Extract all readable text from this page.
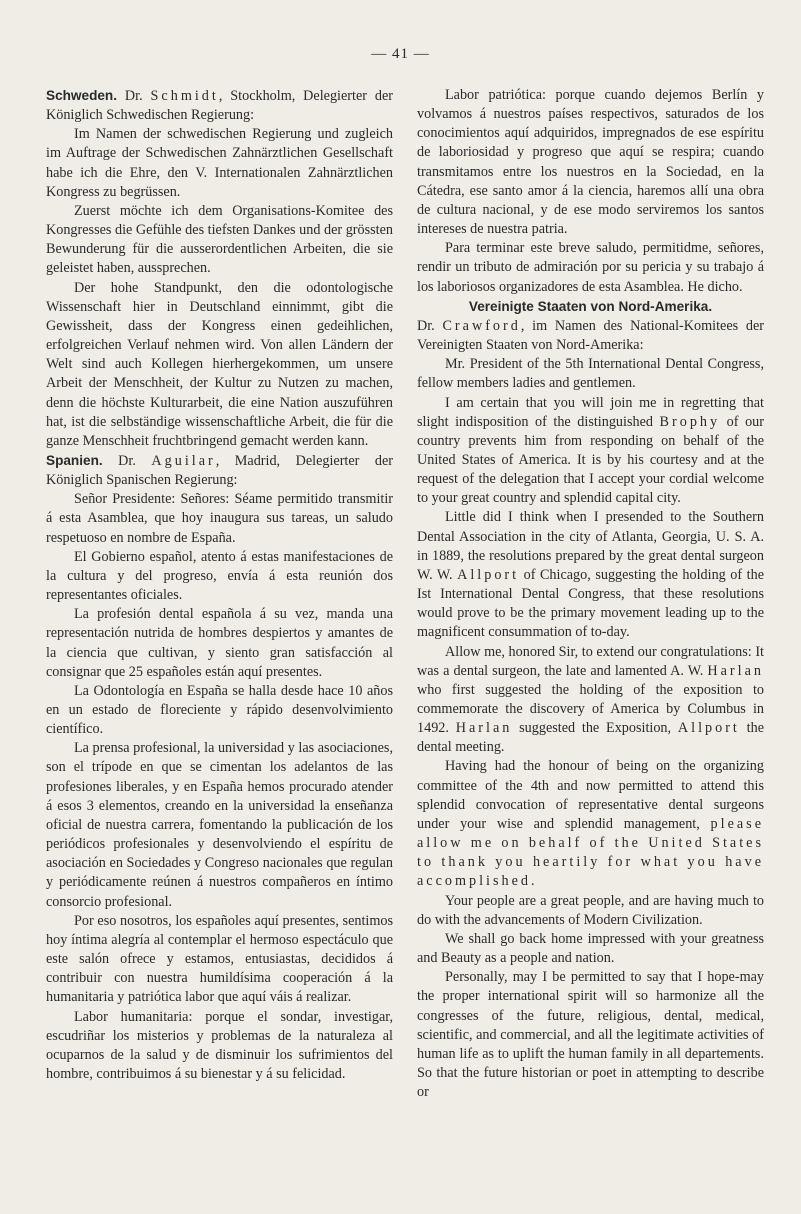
— 41 —

Schweden. Dr. Schmidt, Stockholm, Delegierter der Königlich Schwedischen Regierung:

Im Namen der schwedischen Regierung und zugleich im Auftrage der Schwedischen Zahnärztlichen Gesellschaft habe ich die Ehre, den V. Internationalen Zahnärztlichen Kongress zu begrüssen.

Zuerst möchte ich dem Organisations-Komitee des Kongresses die Gefühle des tiefsten Dankes und der grössten Bewunderung für die ausserordentlichen Arbeiten, die sie geleistet haben, aussprechen.

Der hohe Standpunkt, den die odontologische Wissenschaft hier in Deutschland einnimmt, gibt die Gewissheit, dass der Kongress einen gedeihlichen, erfolgreichen Verlauf nehmen wird. Von allen Ländern der Welt sind auch Kollegen hierhergekommen, um unsere Arbeit der Menschheit, der Kultur zu Nutzen zu machen, denn die höchste Kulturarbeit, die eine Nation auszuführen hat, ist die selbständige wissenschaftliche Arbeit, die für die ganze Menschheit fruchtbringend gemacht werden kann.

Spanien. Dr. Aguilar, Madrid, Delegierter der Königlich Spanischen Regierung:

Señor Presidente: Señores: Séame permitido transmitir á esta Asamblea, que hoy inaugura sus tareas, un saludo respetuoso en nombre de España.

El Gobierno español, atento á estas manifestaciones de la cultura y del progreso, envía á esta reunión dos representantes oficiales.

La profesión dental española á su vez, manda una representación nutrida de hombres despiertos y amantes de la ciencia que cultivan, y siento gran satisfacción al consignar que 25 españoles están aquí presentes.

La Odontología en España se halla desde hace 10 años en un estado de floreciente y rápido desenvolvimiento científico.

La prensa profesional, la universidad y las asociaciones, son el trípode en que se cimentan los adelantos de las profesiones liberales, y en España hemos procurado atender á esos 3 elementos, creando en la universidad la enseñanza oficial de nuestra carrera, fomentando la publicación de los periódicos profesionales y desenvolviendo el espíritu de asociación en Sociedades y Congreso nacionales que regulan y periódicamente reúnen á nuestros compañeros en íntimo consorcio profesional.

Por eso nosotros, los españoles aquí presentes, sentimos hoy íntima alegría al contemplar el hermoso espectáculo que este salón ofrece y estamos, entusiastas, decididos á contribuir con nuestra humildísima cooperación á la humanitaria y patriótica labor que aquí váis á realizar.

Labor humanitaria: porque el sondar, investigar, escudriñar los misterios y problemas de la naturaleza al ocuparnos de la salud y de disminuir los sufrimientos del hombre, contribuimos á su bienestar y á su felicidad.

Labor patriótica: porque cuando dejemos Berlín y volvamos á nuestros países respectivos, saturados de los conocimientos aquí adquiridos, impregnados de ese espíritu de laboriosidad y progreso que aquí se respira; cuando transmitamos entre los nuestros en la Sociedad, en la Cátedra, ese santo amor á la ciencia, haremos allí una obra de cultura nacional, y de ese modo serviremos los santos intereses de nuestra patria.

Para terminar este breve saludo, permitidme, señores, rendir un tributo de admiración por su pericia y su trabajo á los laboriosos organizadores de esta Asamblea. He dicho.

Vereinigte Staaten von Nord-Amerika.

Dr. Crawford, im Namen des National-Komitees der Vereinigten Staaten von Nord-Amerika:

Mr. President of the 5th International Dental Congress, fellow members ladies and gentlemen.

I am certain that you will join me in regretting that slight indisposition of the distinguished Brophy of our country prevents him from responding on behalf of the United States of America. It is by his courtesy and at the request of the delegation that I accept your cordial welcome to your great country and splendid capital city.

Little did I think when I presended to the Southern Dental Association in the city of Atlanta, Georgia, U. S. A. in 1889, the resolutions prepared by the great dental surgeon W. W. Allport of Chicago, suggesting the holding of the Ist International Dental Congress, that these resolutions would prove to be the primary movement leading up to the magnificent consummation of to-day.

Allow me, honored Sir, to extend our congratulations: It was a dental surgeon, the late and lamented A. W. Harlan who first suggested the holding of the exposition to commemorate the discovery of America by Columbus in 1492. Harlan suggested the Exposition, Allport the dental meeting.

Having had the honour of being on the organizing committee of the 4th and now permitted to attend this splendid convocation of representative dental surgeons under your wise and splendid management, please allow me on behalf of the United States to thank you heartily for what you have accomplished.

Your people are a great people, and are having much to do with the advancements of Modern Civilization.

We shall go back home impressed with your greatness and Beauty as a people and nation.

Personally, may I be permitted to say that I hope-may the proper international spirit will so harmonize all the congresses of the future, religious, dental, medical, scientific, and commercial, and all the legitimate activities of human life as to uplift the human family in all departements. So that the future historian or poet in attempting to describe or
